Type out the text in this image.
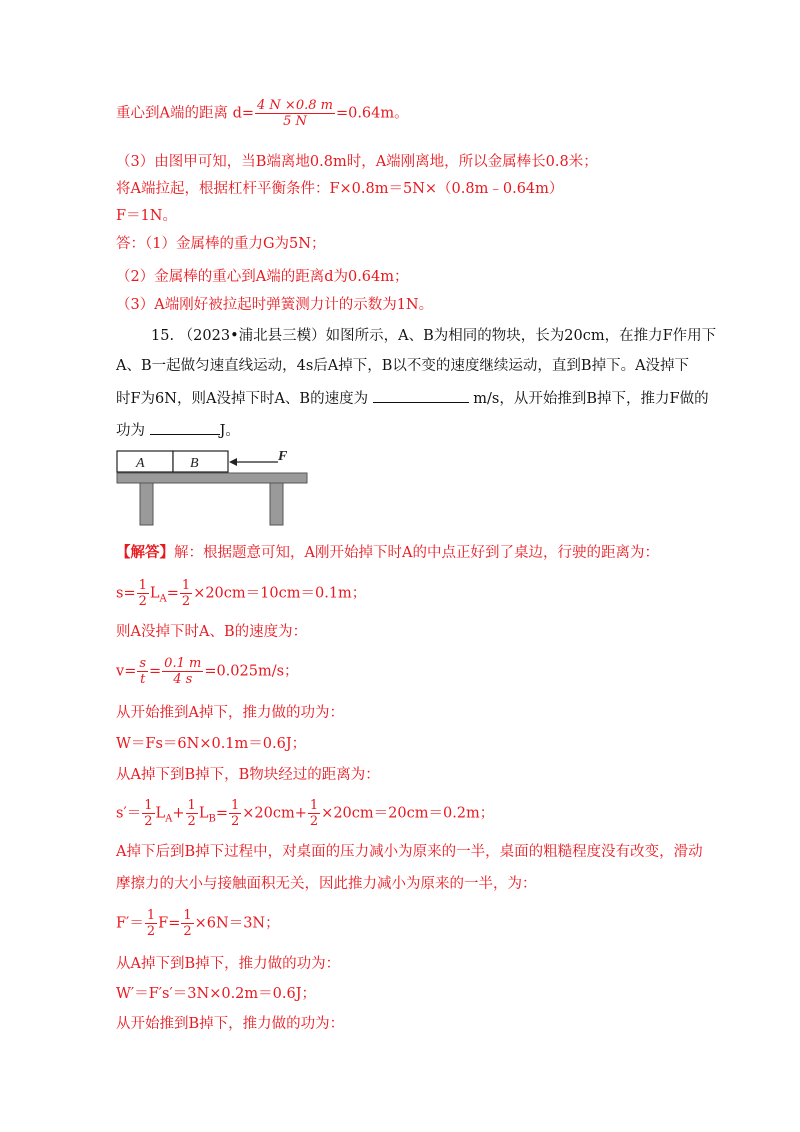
重心到A端的距离 $d= \frac{4 N \times 0.8 m}{5 N} =0.64m$。
（3）由图甲可知，当B端离地0.8m时，A端刚离地，所以金属棒长0.8米；
将A端拉起，根据杠杆平衡条件：F×0.8m＝5N×（0.8m﹣0.64m）
F＝1N。
答：（1）金属棒的重力G为5N；
（2）金属棒的重心到A端的距离d为0.64m；
（3）A端刚好被拉起时弹簧测力计的示数为1N。
15. （2023•浦北县三模）如图所示，A、B为相同的物块，长为20cm，在推力F作用下
A、B一起做匀速直线运动，4s后A掉下，B以不变的速度继续运动，直到B掉下。A没掉下
时F为6N，则A没掉下时A、B的速度为	m/s，从开始推到B掉下，推力F做的
功为	J。
A	B	F
【解答】解：根据题意可知，A刚开始掉下时A的中点正好到了桌边，行驶的距离为：
$s= \frac{1}{2} L_A= \frac{1}{2} \times 20cm=10cm=0.1m$；
则A没掉下时A、B的速度为：
$v= \frac{s}{t} = \frac{0.1 m}{4 s} =0.025m/s$；
从开始推到A掉下，推力做的功为：
W＝Fs＝6N×0.1m＝0.6J；
从A掉下到B掉下，B物块经过的距离为：
$s'= \frac{1}{2} L_A+ \frac{1}{2} L_B= \frac{1}{2} \times 20cm+ \frac{1}{2} \times 20cm=20cm=0.2m$；
A掉下后到B掉下过程中，对桌面的压力减小为原来的一半，桌面的粗糙程度没有改变，滑动
摩擦力的大小与接触面积无关，因此推力减小为原来的一半，为：
$F'= \frac{1}{2} F= \frac{1}{2} \times 6N=3N$；
从A掉下到B掉下，推力做的功为：
W′＝F′s′＝3N×0.2m＝0.6J；
从开始推到B掉下，推力做的功为：
